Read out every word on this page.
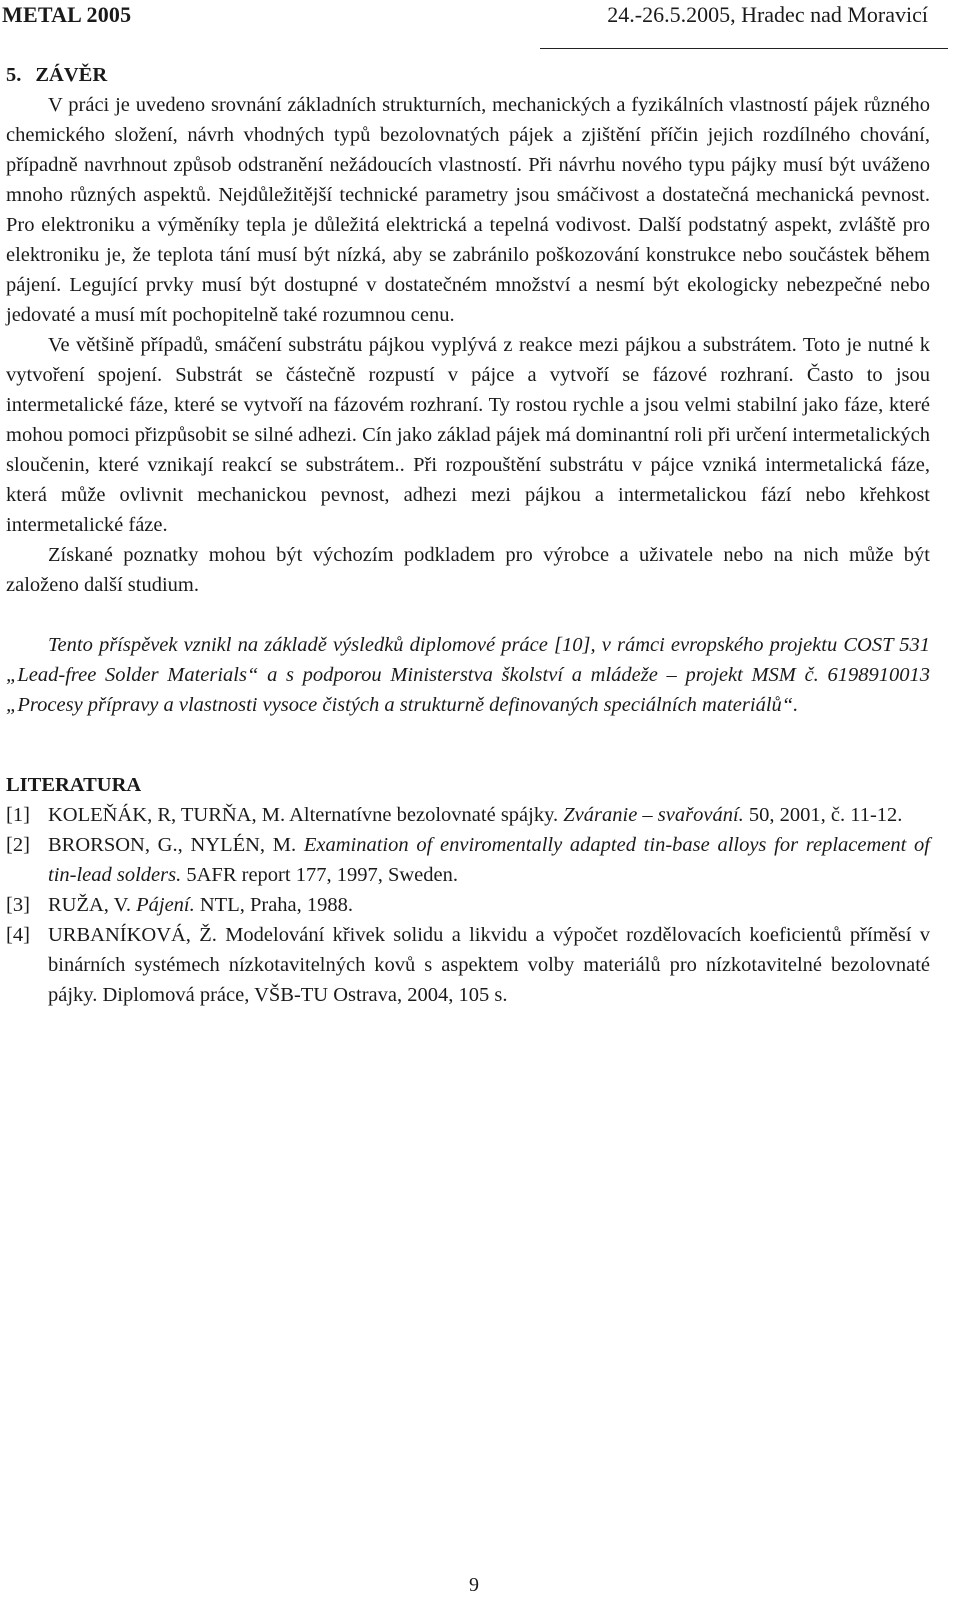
METAL 2005	24.-26.5.2005, Hradec nad Moravicí
5. ZÁVĚR

V práci je uvedeno srovnání základních strukturních, mechanických a fyzikálních vlastností pájek různého chemického složení, návrh vhodných typů bezolovnatých pájek a zjištění příčin jejich rozdílného chování, případně navrhnout způsob odstranění nežádoucích vlastností. Při návrhu nového typu pájky musí být uváženo mnoho různých aspektů. Nejdůležitější technické parametry jsou smáčivost a dostatečná mechanická pevnost. Pro elektroniku a výměníky tepla je důležitá elektrická a tepelná vodivost. Další podstatný aspekt, zvláště pro elektroniku je, že teplota tání musí být nízká, aby se zabránilo poškozování konstrukce nebo součástek během pájení. Legující prvky musí být dostupné v dostatečném množství a nesmí být ekologicky nebezpečné nebo jedovaté a musí mít pochopitelně také rozumnou cenu.

Ve většině případů, smáčení substrátu pájkou vyplývá z reakce mezi pájkou a substrátem. Toto je nutné k vytvoření spojení. Substrát se částečně rozpustí v pájce a vytvoří se fázové rozhraní. Často to jsou intermetalické fáze, které se vytvoří na fázovém rozhraní. Ty rostou rychle a jsou velmi stabilní jako fáze, které mohou pomoci přizpůsobit se silné adhezi. Cín jako základ pájek má dominantní roli při určení intermetalických sloučenin, které vznikají reakcí se substrátem.. Při rozpouštění substrátu v pájce vzniká intermetalická fáze, která může ovlivnit mechanickou pevnost, adhezi mezi pájkou a intermetalickou fází nebo křehkost intermetalické fáze.

Získané poznatky mohou být výchozím podkladem pro výrobce a uživatele nebo na nich může být založeno další studium.

Tento příspěvek vznikl na základě výsledků diplomové práce [10], v rámci evropského projektu COST 531 „Lead-free Solder Materials“ a s podporou Ministerstva školství a mládeže – projekt MSM č. 6198910013 „Procesy přípravy a vlastnosti vysoce čistých a strukturně definovaných speciálních materiálů“.

LITERATURA
[1] KOLEŇÁK, R, TURŇA, M. Alternatívne bezolovnaté spájky. Zváranie – svařování. 50, 2001, č. 11-12.
[2] BRORSON, G., NYLÉN, M. Examination of enviromentally adapted tin-base alloys for replacement of tin-lead solders. 5AFR report 177, 1997, Sweden.
[3] RUŽA, V. Pájení. NTL, Praha, 1988.
[4] URBANÍKOVÁ, Ž. Modelování křivek solidu a likvidu a výpočet rozdělovacích koeficientů příměsí v binárních systémech nízkotavitelných kovů s aspektem volby materiálů pro nízkotavitelné bezolovnaté pájky. Diplomová práce, VŠB-TU Ostrava, 2004, 105 s.
9
